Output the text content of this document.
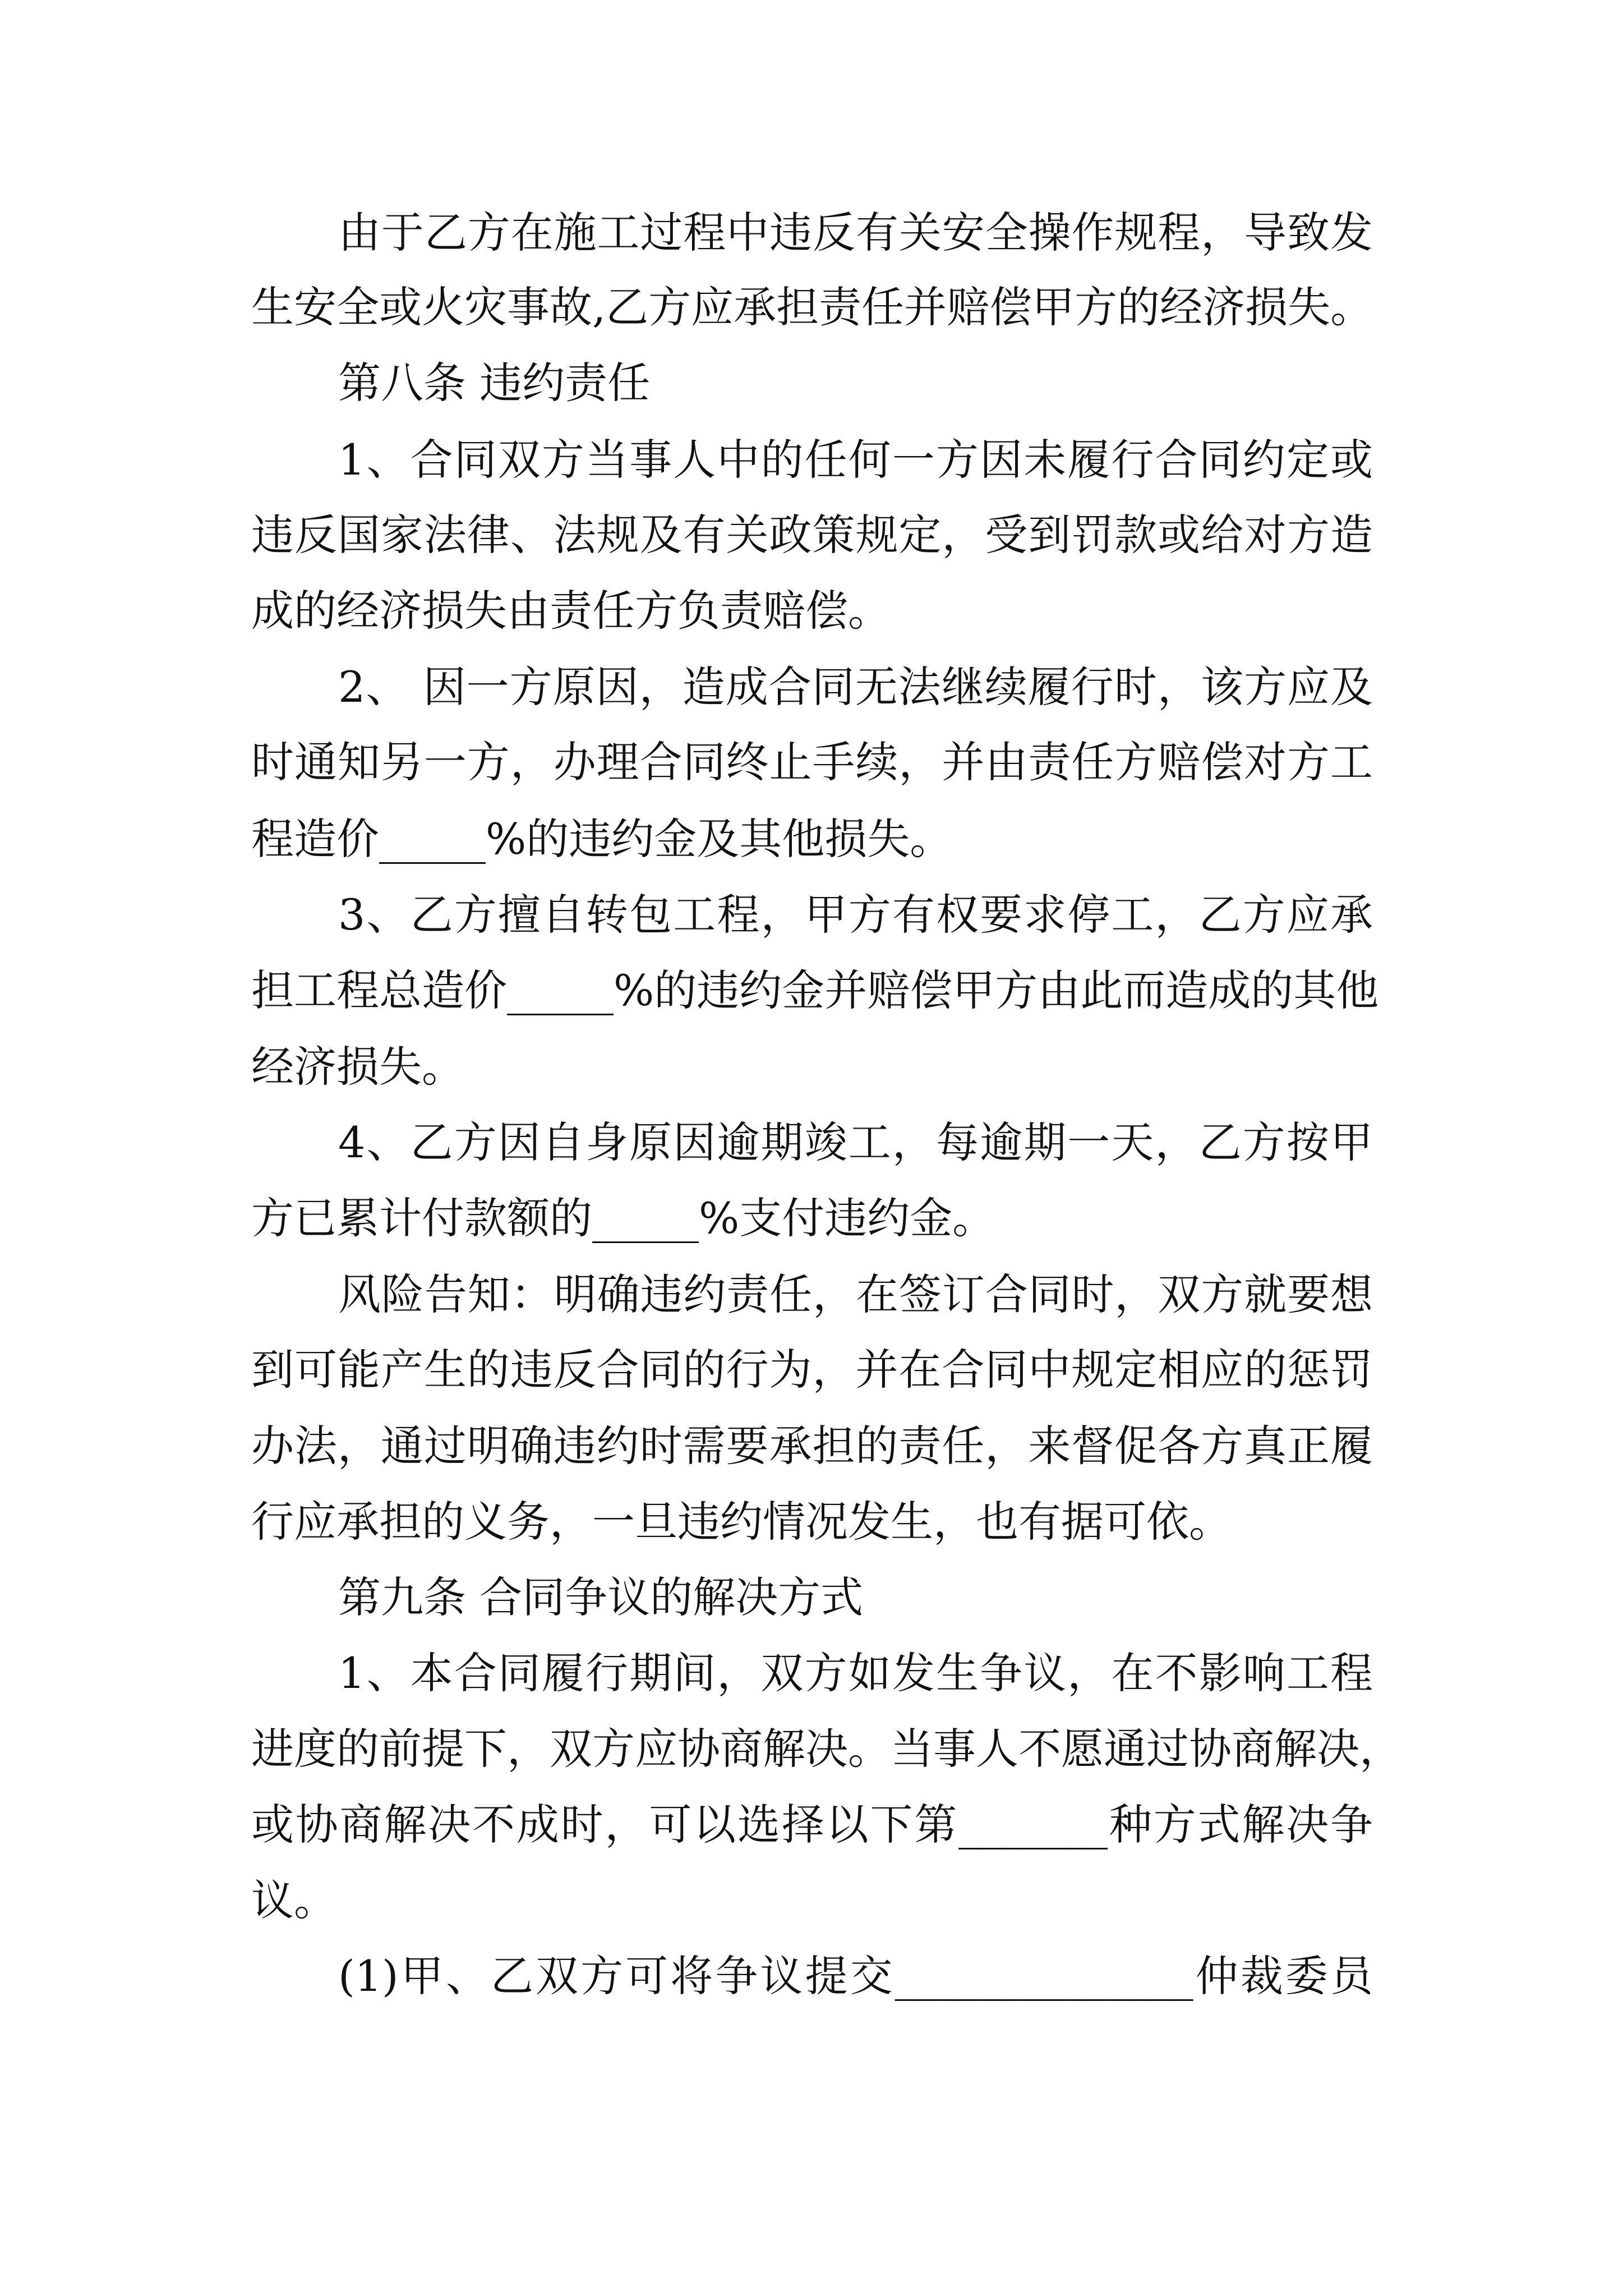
由于乙方在施工过程中违反有关安全操作规程，导致发
生安全或火灾事故,乙方应承担责任并赔偿甲方的经济损失。
第八条 违约责任
1、合同双方当事人中的任何一方因未履行合同约定或
违反国家法律、法规及有关政策规定，受到罚款或给对方造
成的经济损失由责任方负责赔偿。
2、 因一方原因，造成合同无法继续履行时，该方应及
时通知另一方，办理合同终止手续，并由责任方赔偿对方工
程造价_____%的违约金及其他损失。
3、乙方擅自转包工程，甲方有权要求停工，乙方应承
担工程总造价_____%的违约金并赔偿甲方由此而造成的其他
经济损失。
4、乙方因自身原因逾期竣工，每逾期一天，乙方按甲
方已累计付款额的_____%支付违约金。
风险告知：明确违约责任，在签订合同时，双方就要想
到可能产生的违反合同的行为，并在合同中规定相应的惩罚
办法，通过明确违约时需要承担的责任，来督促各方真正履
行应承担的义务，一旦违约情况发生，也有据可依。
第九条 合同争议的解决方式
1、本合同履行期间，双方如发生争议，在不影响工程
进度的前提下，双方应协商解决。当事人不愿通过协商解决，
或协商解决不成时，可以选择以下第_______种方式解决争
议。
(1)甲、乙双方可将争议提交______________仲裁委员
